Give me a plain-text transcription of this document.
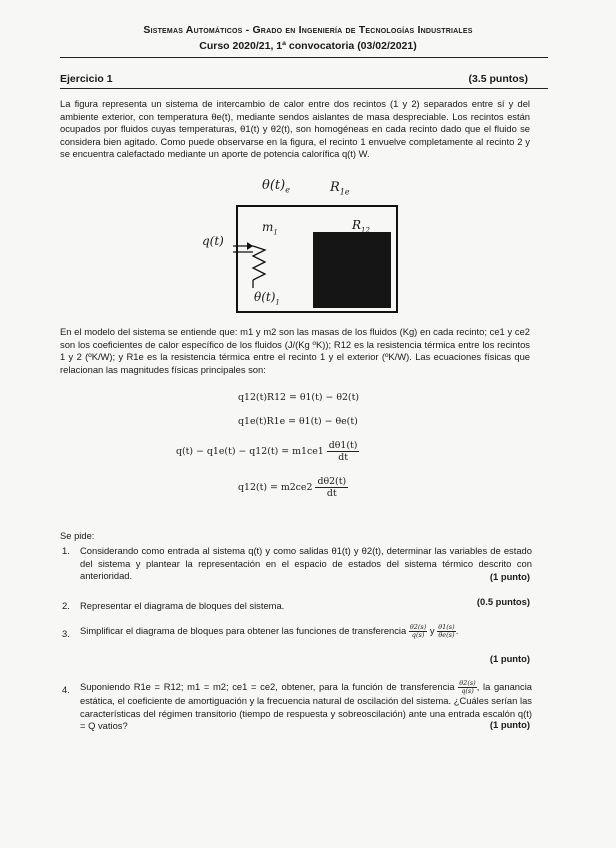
Sistemas Automáticos - Grado en Ingeniería de Tecnologías Industriales
Curso 2020/21, 1ª convocatoria (03/02/2021)
Ejercicio 1	(3.5 puntos)
La figura representa un sistema de intercambio de calor entre dos recintos (1 y 2) separados entre sí y del ambiente exterior, con temperatura θe(t), mediante sendos aislantes de masa despreciable. Los recintos están ocupados por fluidos cuyas temperaturas, θ1(t) y θ2(t), son homogéneas en cada recinto dado que el fluido se considera bien agitado. Como puede observarse en la figura, el recinto 1 envuelve completamente al recinto 2 y se encuentra calefactado mediante un aporte de potencia calorífica q(t) W.
$\theta(t)_e$	$R_{1e}$
$m_1$
$R_{12}$
q(t)
$\theta(t)_1$
En el modelo del sistema se entiende que: m1 y m2 son las masas de los fluidos (Kg) en cada recinto; ce1 y ce2 son los coeficientes de calor específico de los fluidos (J/(Kg ºK)); R12 es la resistencia térmica entre los recintos 1 y 2 (ºK/W); y R1e es la resistencia térmica entre el recinto 1 y el exterior (ºK/W). Las ecuaciones físicas que relacionan las magnitudes físicas principales son:
q12(t)R12 = θ1(t) − θ2(t)
q1e(t)R1e = θ1(t) − θe(t)
$q(t) - q1e(t) - q12(t) = m1ce1 \frac{d\theta 1(t)}{dt}$
$q12(t) = m2ce2 \frac{d\theta 2(t)}{dt}$
Se pide:
1. Considerando como entrada al sistema q(t) y como salidas θ1(t) y θ2(t), determinar las variables de estado del sistema y plantear la representación en el espacio de estados del sistema térmico descrito con anterioridad.	(1 punto)
2. Representar el diagrama de bloques del sistema.	(0.5 puntos)
3. Simplificar el diagrama de bloques para obtener las funciones de transferencia $\frac{\theta 2(s)}{q(s)}$ y $\frac{\theta 1(s)}{\theta e(s)}$ .
(1 punto)
4. Suponiendo R1e = R12; m1 = m2; ce1 = ce2, obtener, para la función de transferencia $\frac{\theta 2(s)}{q(s)}$ , la ganancia estática, el coeficiente de amortiguación y la frecuencia natural de oscilación del sistema. ¿Cuáles serían las características del régimen transitorio (tiempo de respuesta y sobreoscilación) ante una entrada escalón q(t) = Q vatios?	(1 punto)
